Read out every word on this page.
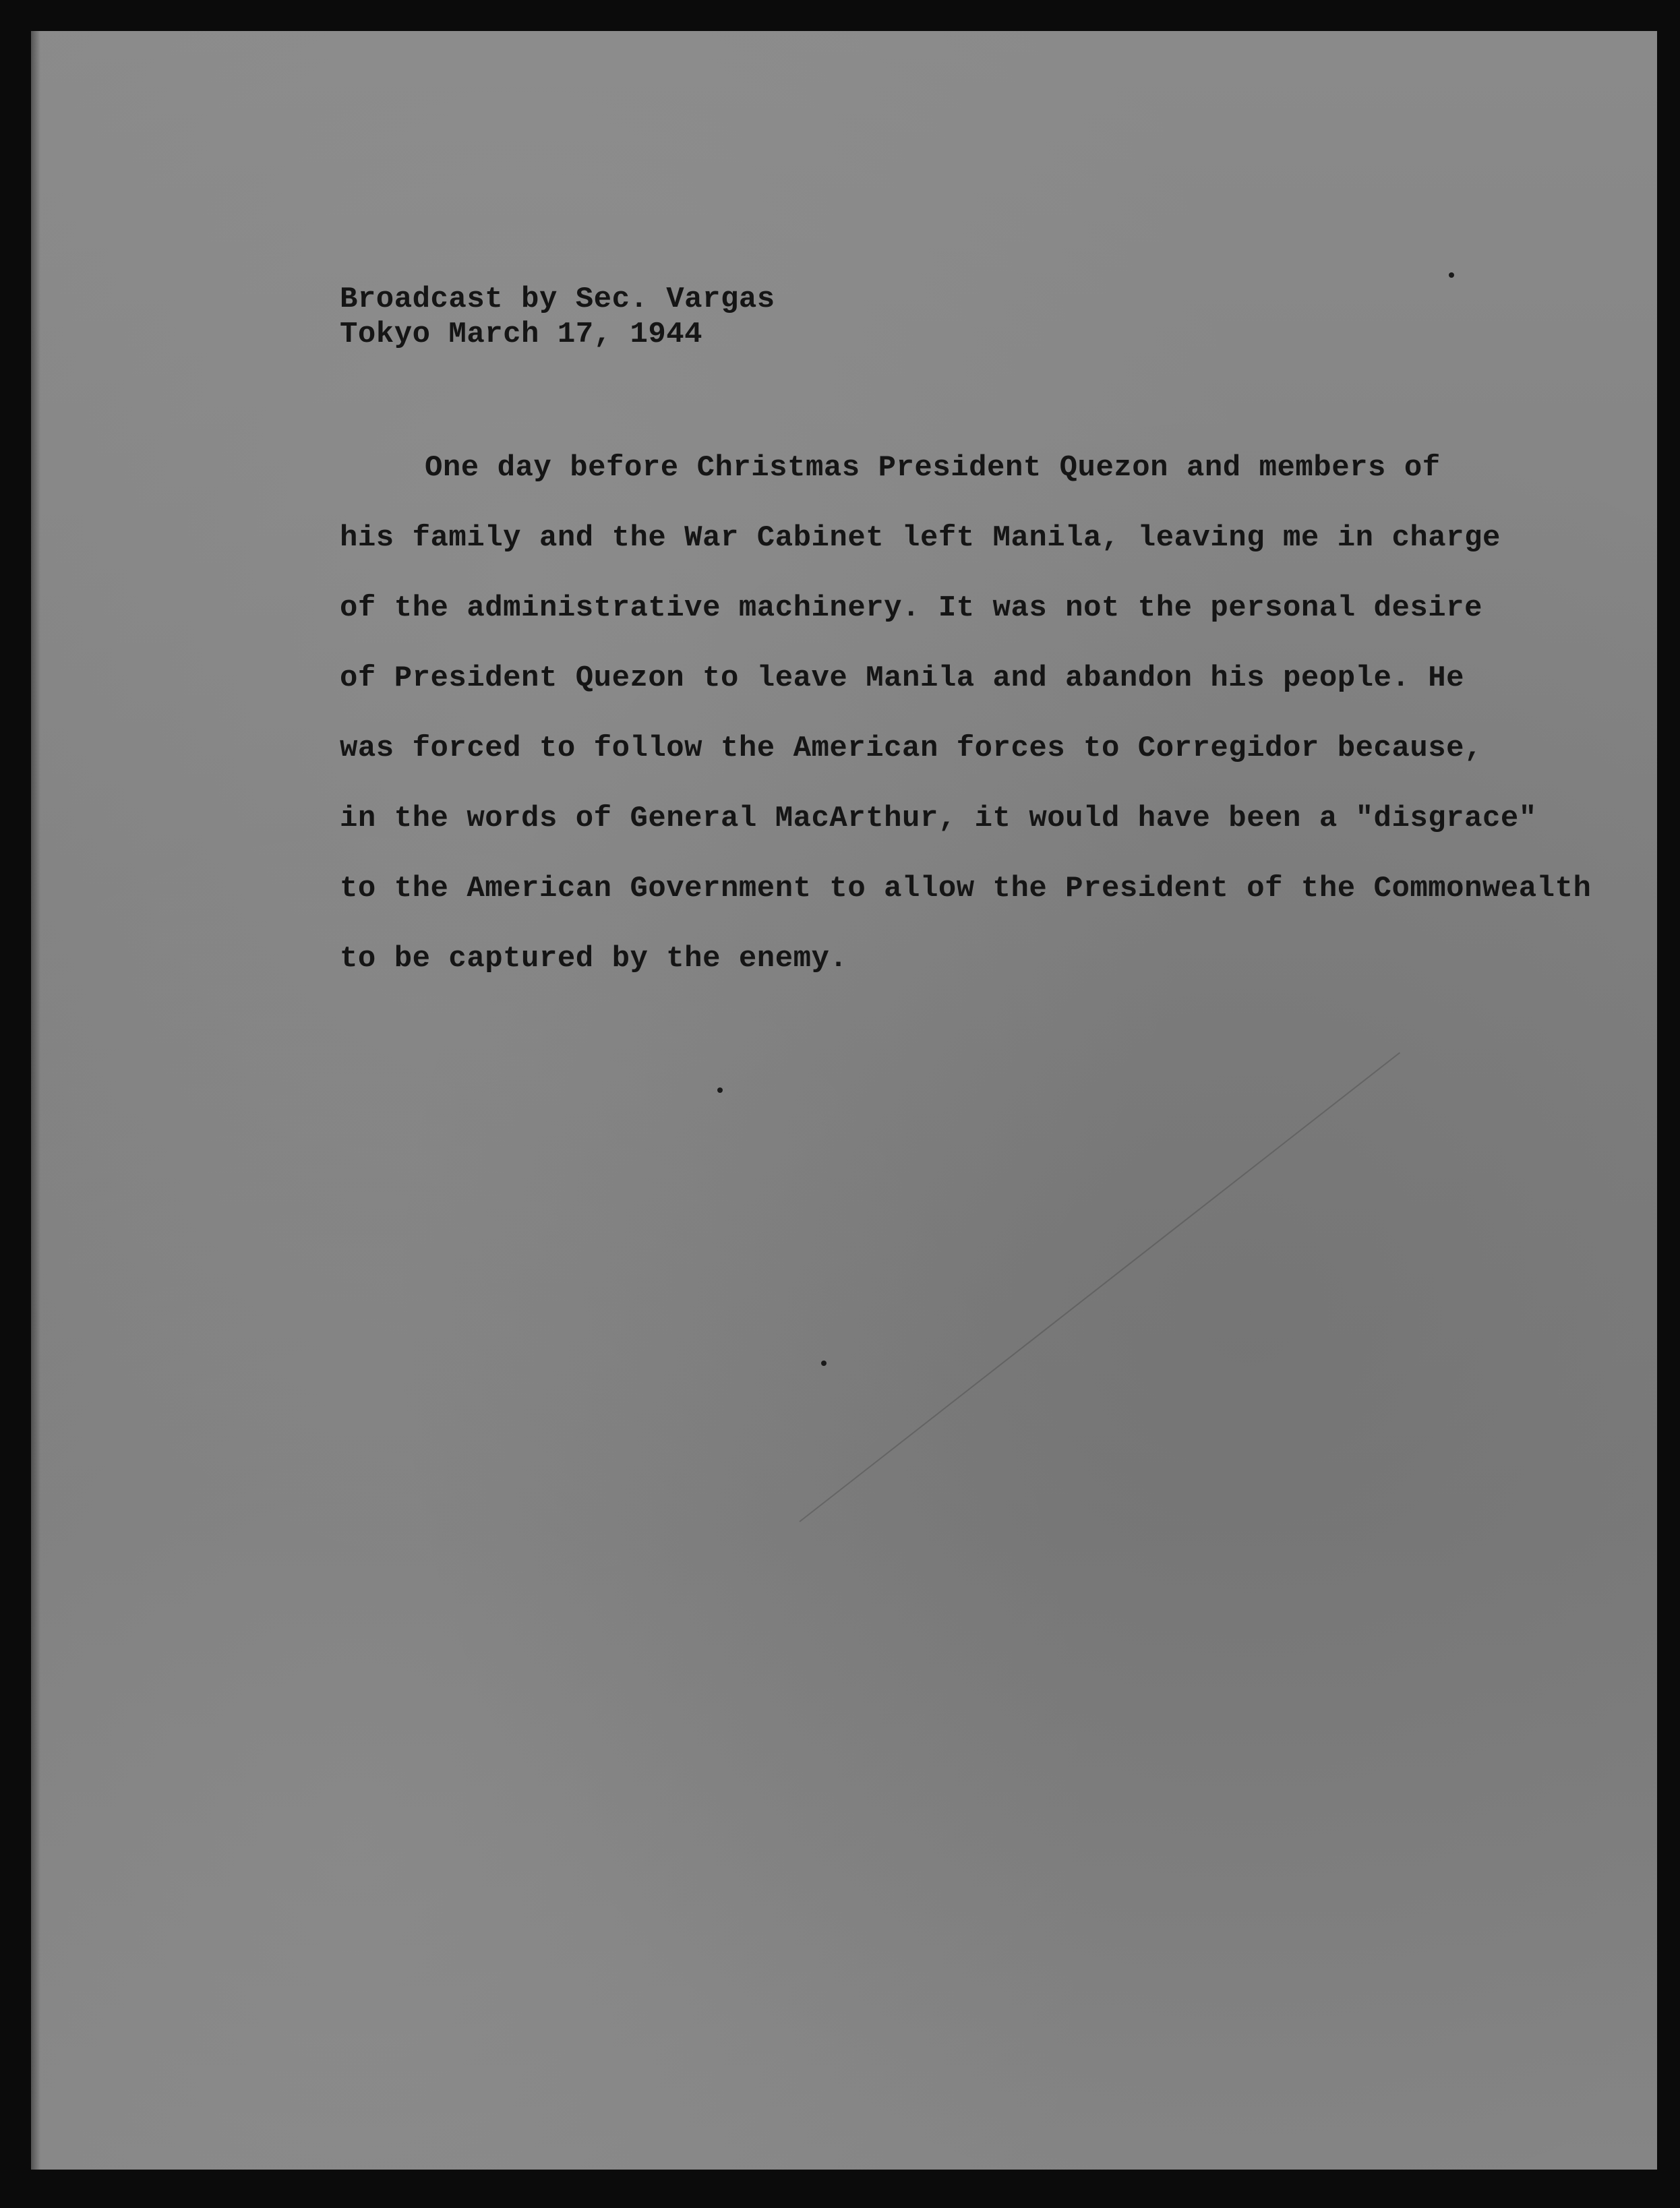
Broadcast by Sec. Vargas
Tokyo March 17, 1944
One day before Christmas President Quezon and members of
his family and the War Cabinet left Manila, leaving me in charge
of the administrative machinery. It was not the personal desire
of President Quezon to leave Manila and abandon his people. He
was forced to follow the American forces to Corregidor because,
in the words of General MacArthur, it would have been a "disgrace"
to the American Government to allow the President of the Commonwealth
to be captured by the enemy.
